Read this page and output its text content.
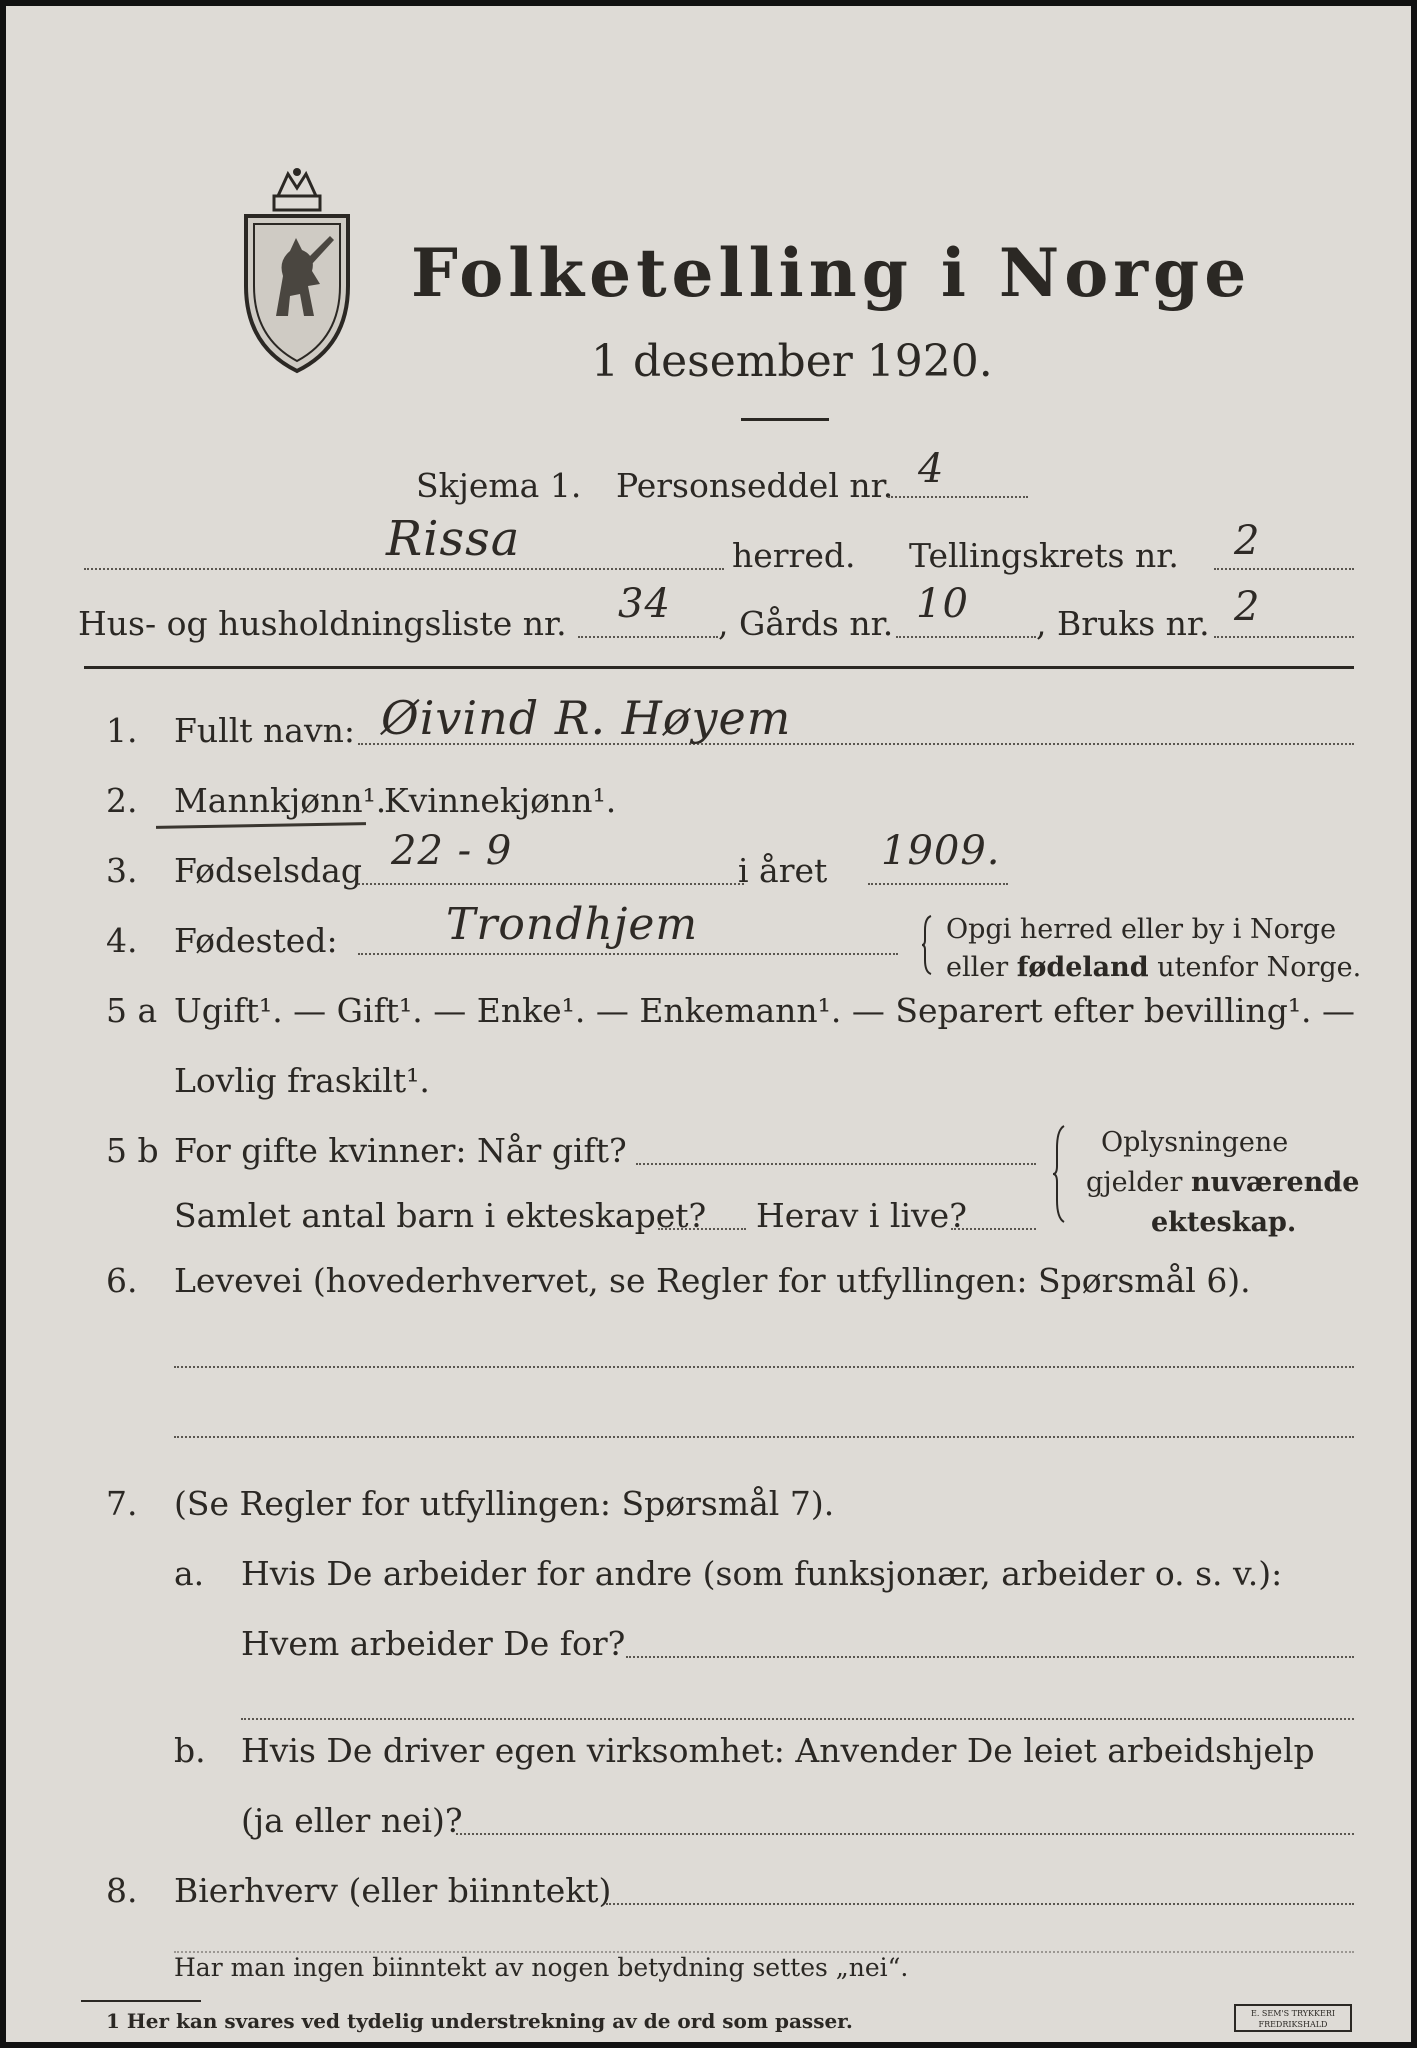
Folketelling i Norge
1 desember 1920.
Skjema 1. Personseddel nr. 4
Rissa	herred. Tellingskrets nr. 2
Hus- og husholdningsliste nr. 34 , Gårds nr. 10 , Bruks nr. 2
1. Fullt navn: Øivind R. Høyem
2. Mannkjønn¹.
Kvinnekjønn¹.
3. Fødselsdag 22 - 9	i året 1909.
4. Fødested: Trondhjem	Opgi herred eller by i Norge
eller fødeland utenfor Norge.
5 a Ugift¹. — Gift¹. — Enke¹. — Enkemann¹. — Separert efter bevilling¹. —
Lovlig fraskilt¹.
5 b For gifte kvinner: Når gift?
Samlet antal barn i ekteskapet? Herav i live?
Oplysningene
gjelder nuværende
ekteskap.
6. Levevei (hovederhvervet, se Regler for utfyllingen: Spørsmål 6).
7. (Se Regler for utfyllingen: Spørsmål 7).
a. Hvis De arbeider for andre (som funksjonær, arbeider o. s. v.):
Hvem arbeider De for?
b. Hvis De driver egen virksomhet: Anvender De leiet arbeidshjelp
(ja eller nei)?
8. Bierhverv (eller biinntekt)
Har man ingen biinntekt av nogen betydning settes „nei“.
1 Her kan svares ved tydelig understrekning av de ord som passer.	E. SEM'S TRYKKERI
FREDRIKSHALD
